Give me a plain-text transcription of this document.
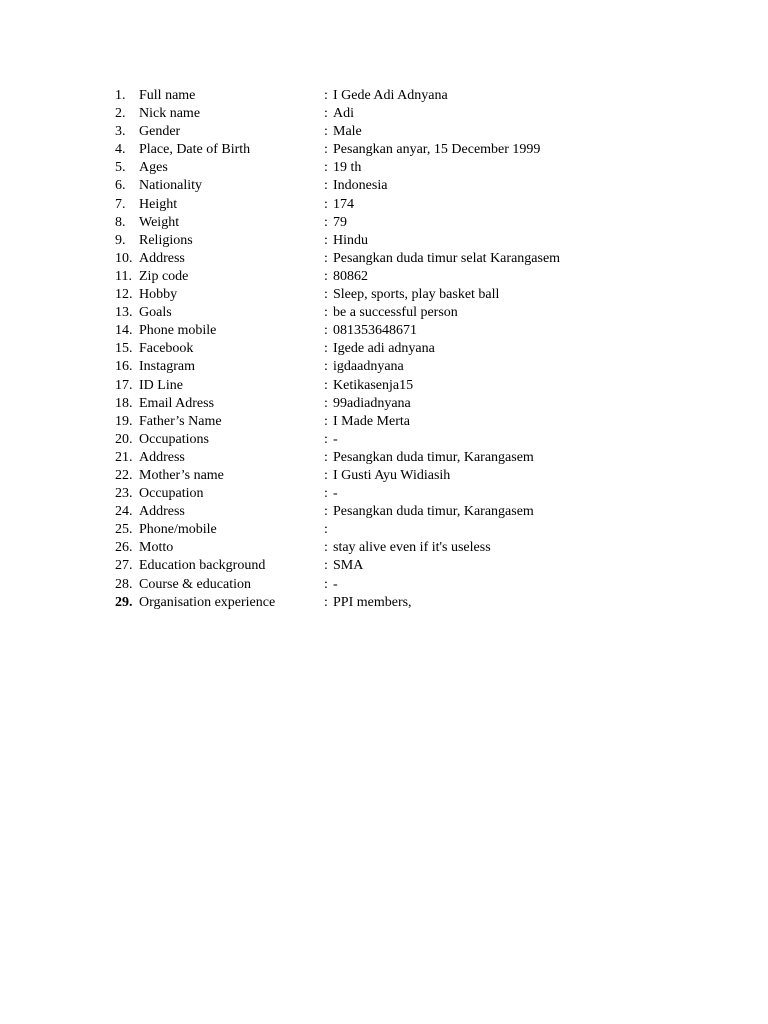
1. Full name	: I Gede Adi Adnyana
2. Nick name	: Adi
3. Gender	: Male
4. Place, Date of Birth	: Pesangkan anyar, 15 December 1999
5. Ages	: 19 th
6. Nationality	: Indonesia
7. Height	: 174
8. Weight	: 79
9. Religions	: Hindu
10. Address	: Pesangkan duda timur selat Karangasem
11. Zip code	: 80862
12. Hobby	: Sleep, sports, play basket ball
13. Goals	: be a successful person
14. Phone mobile	: 081353648671
15. Facebook	: Igede adi adnyana
16. Instagram	: igdaadnyana
17. ID Line	: Ketikasenja15
18. Email Adress	: 99adiadnyana
19. Father’s Name	: I Made Merta
20. Occupations	: -
21. Address	: Pesangkan duda timur, Karangasem
22. Mother’s name	: I Gusti Ayu Widiasih
23. Occupation	: -
24. Address	: Pesangkan duda timur, Karangasem
25. Phone/mobile	:
26. Motto	: stay alive even if it's useless
27. Education background	: SMA
28. Course & education	: -
29. Organisation experience	: PPI members,
